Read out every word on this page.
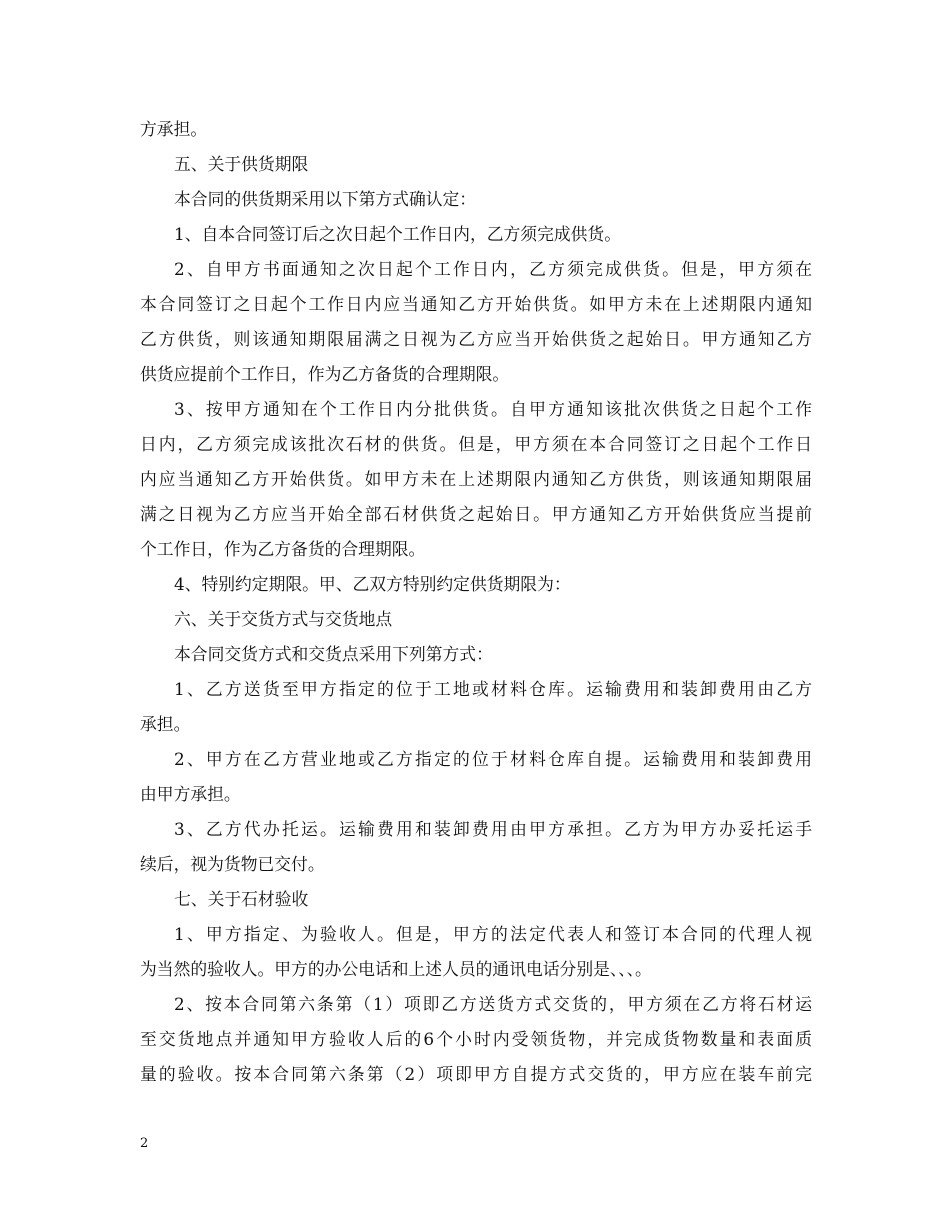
方承担。
五、关于供货期限
本合同的供货期采用以下第方式确认定：
1、自本合同签订后之次日起个工作日内，乙方须完成供货。
2、自甲方书面通知之次日起个工作日内，乙方须完成供货。但是，甲方须在
本合同签订之日起个工作日内应当通知乙方开始供货。如甲方未在上述期限内通知
乙方供货，则该通知期限届满之日视为乙方应当开始供货之起始日。甲方通知乙方
供货应提前个工作日，作为乙方备货的合理期限。
3、按甲方通知在个工作日内分批供货。自甲方通知该批次供货之日起个工作
日内，乙方须完成该批次石材的供货。但是，甲方须在本合同签订之日起个工作日
内应当通知乙方开始供货。如甲方未在上述期限内通知乙方供货，则该通知期限届
满之日视为乙方应当开始全部石材供货之起始日。甲方通知乙方开始供货应当提前
个工作日，作为乙方备货的合理期限。
4、特别约定期限。甲、乙双方特别约定供货期限为：
六、关于交货方式与交货地点
本合同交货方式和交货点采用下列第方式：
1、乙方送货至甲方指定的位于工地或材料仓库。运输费用和装卸费用由乙方
承担。
2、甲方在乙方营业地或乙方指定的位于材料仓库自提。运输费用和装卸费用
由甲方承担。
3、乙方代办托运。运输费用和装卸费用由甲方承担。乙方为甲方办妥托运手
续后，视为货物已交付。
七、关于石材验收
1、甲方指定、为验收人。但是，甲方的法定代表人和签订本合同的代理人视
为当然的验收人。甲方的办公电话和上述人员的通讯电话分别是、、、。
2、按本合同第六条第（1）项即乙方送货方式交货的，甲方须在乙方将石材运
至交货地点并通知甲方验收人后的6个小时内受领货物，并完成货物数量和表面质
量的验收。按本合同第六条第（2）项即甲方自提方式交货的，甲方应在装车前完
2
